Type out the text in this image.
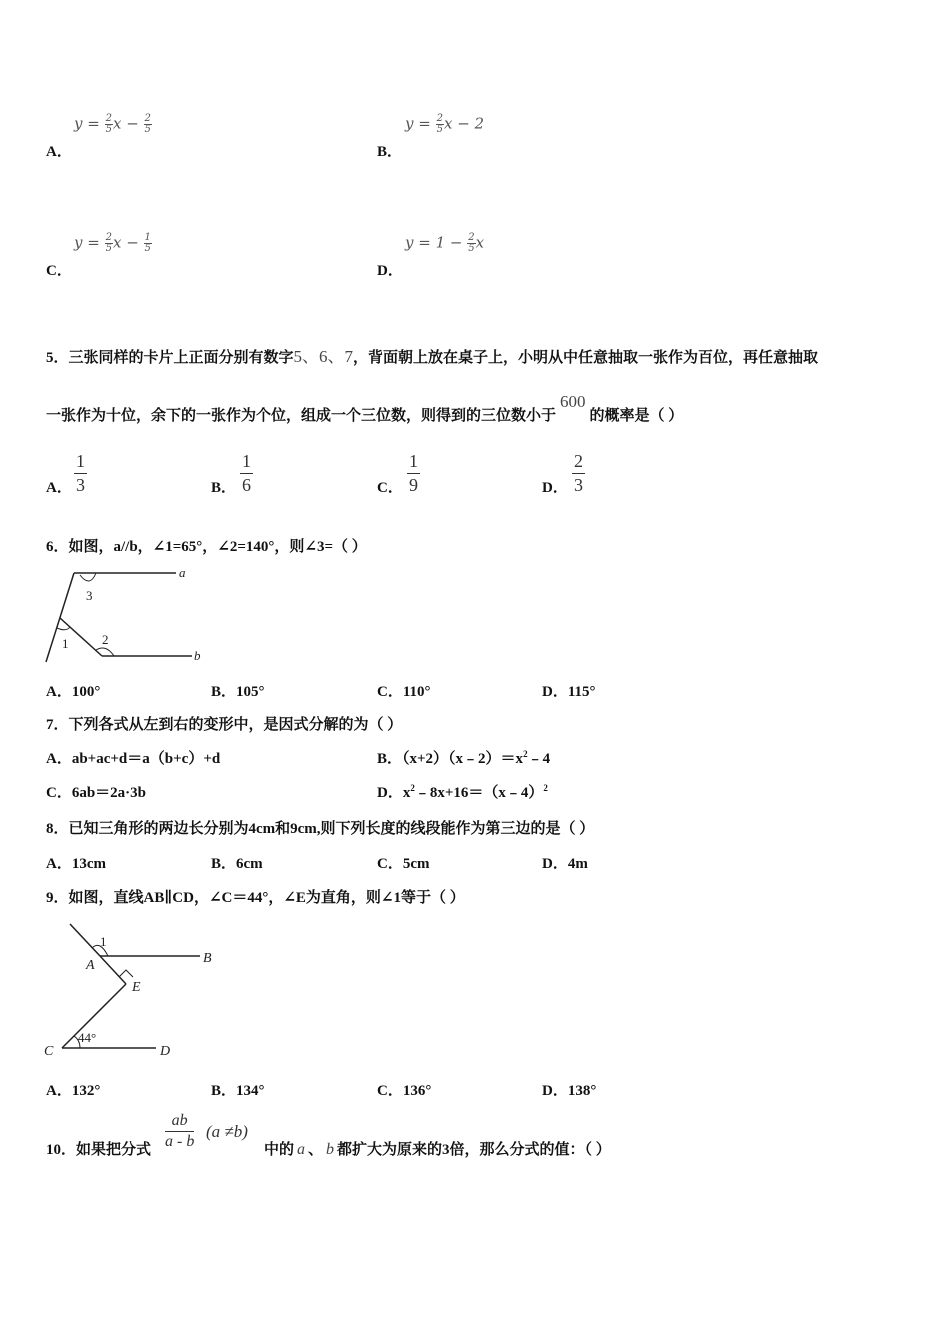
$y = \frac{2}{5}$ $x - \frac{2}{5}$
A．
$y = \frac{2}{5}$ x − 2
B．
$y = \frac{2}{5}$ $x - \frac{1}{5}$
C．
$y = 1 - \frac{2}{5}$ x
D．
5．三张同样的卡片上正面分别有数字5、6、7，背面朝上放在桌子上，小明从中任意抽取一张作为百位，再任意抽取
一张作为十位，余下的一张作为个位，组成一个三位数，则得到的三位数小于600的概率是（ ）
A． $\frac{1}{3}$	B． $\frac{1}{6}$	C． $\frac{1}{9}$	D． $\frac{2}{3}$
6．如图，a//b，∠1=65°，∠2=140°，则∠3=（ ）
a
b
3
1	2
A．100°	B．105°	C．110°	D．115°
7．下列各式从左到右的变形中，是因式分解的为（ ）
A．ab+ac+d＝a（b+c）+d	B．$(x+2)(x﹣2)=x^2﹣4$
C．6ab＝2a·3b	D．$x^2﹣8x+16=(x﹣4)^2$
8．已知三角形的两边长分别为4cm和9cm,则下列长度的线段能作为第三边的是（ ）
A．13cm	B．6cm	C．5cm	D．4m
9．如图，直线AB∥CD，∠C＝44°，∠E为直角，则∠1等于（ ）
1
A	B
E
44°
C	D
A．132°	B．134°	C．136°	D．138°
10．如果把分式 $\frac{ab}{a - b} (a \ne b)$
中的 a 、 b 都扩大为原来的3倍，那么分式的值：（ ）
